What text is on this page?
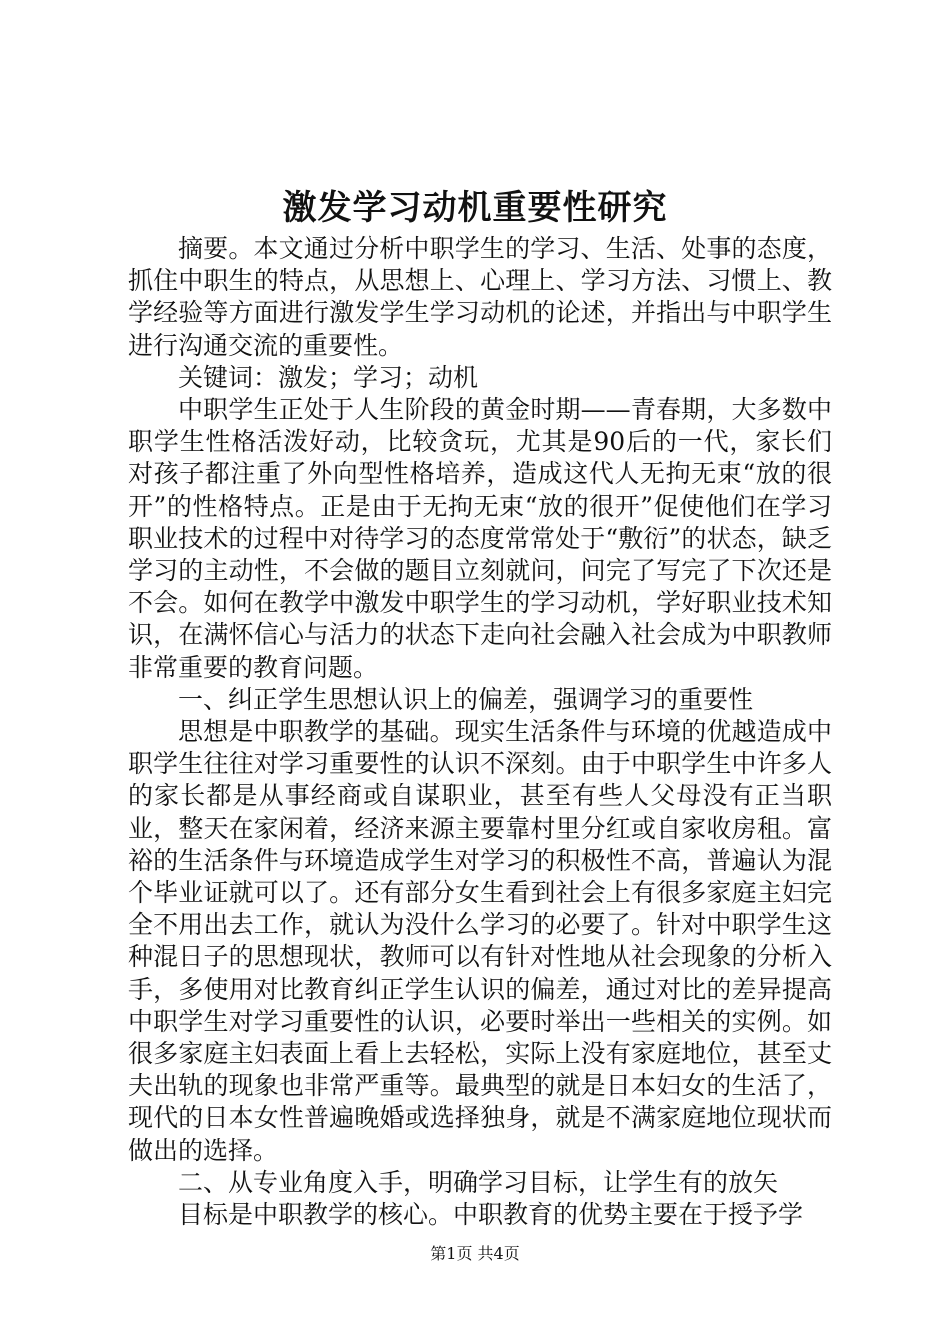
激发学习动机重要性研究

摘要。本文通过分析中职学生的学习、生活、处事的态度，抓住中职生的特点，从思想上、心理上、学习方法、习惯上、教学经验等方面进行激发学生学习动机的论述，并指出与中职学生进行沟通交流的重要性。

关键词：激发；学习；动机

中职学生正处于人生阶段的黄金时期——青春期，大多数中职学生性格活泼好动，比较贪玩，尤其是90后的一代，家长们对孩子都注重了外向型性格培养，造成这代人无拘无束“放的很开”的性格特点。正是由于无拘无束“放的很开”促使他们在学习职业技术的过程中对待学习的态度常常处于“敷衍”的状态，缺乏学习的主动性，不会做的题目立刻就问，问完了写完了下次还是不会。如何在教学中激发中职学生的学习动机，学好职业技术知识，在满怀信心与活力的状态下走向社会融入社会成为中职教师非常重要的教育问题。

一、纠正学生思想认识上的偏差，强调学习的重要性

思想是中职教学的基础。现实生活条件与环境的优越造成中职学生往往对学习重要性的认识不深刻。由于中职学生中许多人的家长都是从事经商或自谋职业，甚至有些人父母没有正当职业，整天在家闲着，经济来源主要靠村里分红或自家收房租。富裕的生活条件与环境造成学生对学习的积极性不高，普遍认为混个毕业证就可以了。还有部分女生看到社会上有很多家庭主妇完全不用出去工作，就认为没什么学习的必要了。针对中职学生这种混日子的思想现状，教师可以有针对性地从社会现象的分析入手，多使用对比教育纠正学生认识的偏差，通过对比的差异提高中职学生对学习重要性的认识，必要时举出一些相关的实例。如很多家庭主妇表面上看上去轻松，实际上没有家庭地位，甚至丈夫出轨的现象也非常严重等。最典型的就是日本妇女的生活了，现代的日本女性普遍晚婚或选择独身，就是不满家庭地位现状而做出的选择。

二、从专业角度入手，明确学习目标，让学生有的放矢

目标是中职教学的核心。中职教育的优势主要在于授予学

第1页 共4页
